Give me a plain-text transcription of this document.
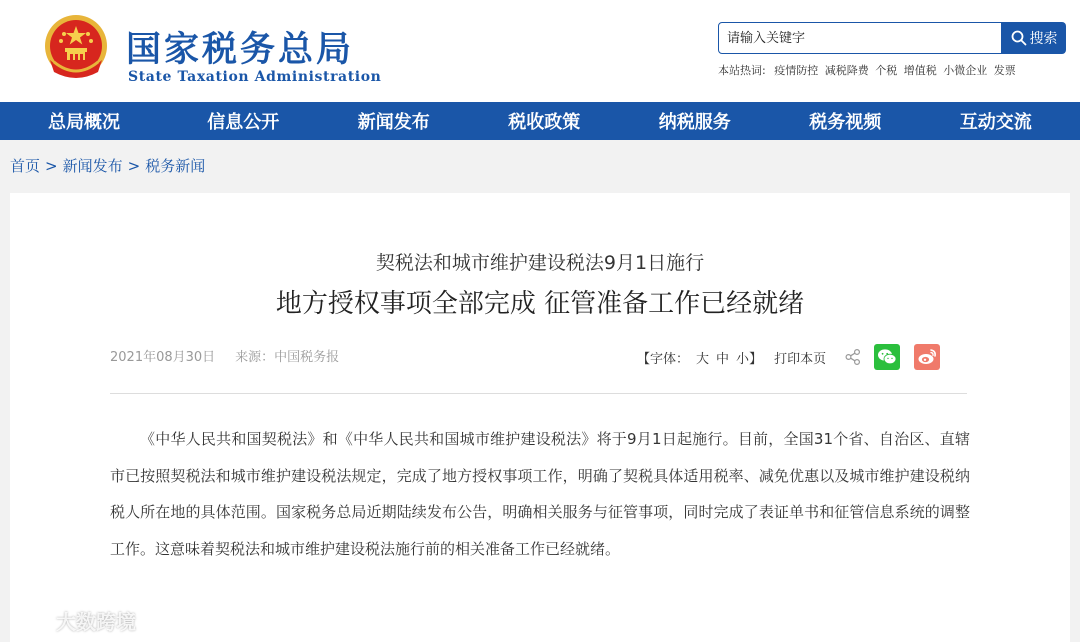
国家税务总局
State Taxation Administration
请输入关键字
搜索
本站热词: 疫情防控 减税降费 个税 增值税 小微企业 发票
总局概况	信息公开	新闻发布	税收政策	纳税服务	税务视频	互动交流
首页 > 新闻发布 > 税务新闻
契税法和城市维护建设税法9月1日施行
地方授权事项全部完成 征管准备工作已经就绪
2021年08月30日 来源：中国税务报	【字体： 大 中 小 】 打印本页

《中华人民共和国契税法》和《中华人民共和国城市维护建设税法》将于9月1日起施行。目前，全国31个省、自治区、直辖市已按照契税法和城市维护建设税法规定，完成了地方授权事项工作，明确了契税具体适用税率、减免优惠以及城市维护建设税纳税人所在地的具体范围。国家税务总局近期陆续发布公告，明确相关服务与征管事项，同时完成了表证单书和征管信息系统的调整工作。这意味着契税法和城市维护建设税法施行前的相关准备工作已经就绪。

大数跨境
